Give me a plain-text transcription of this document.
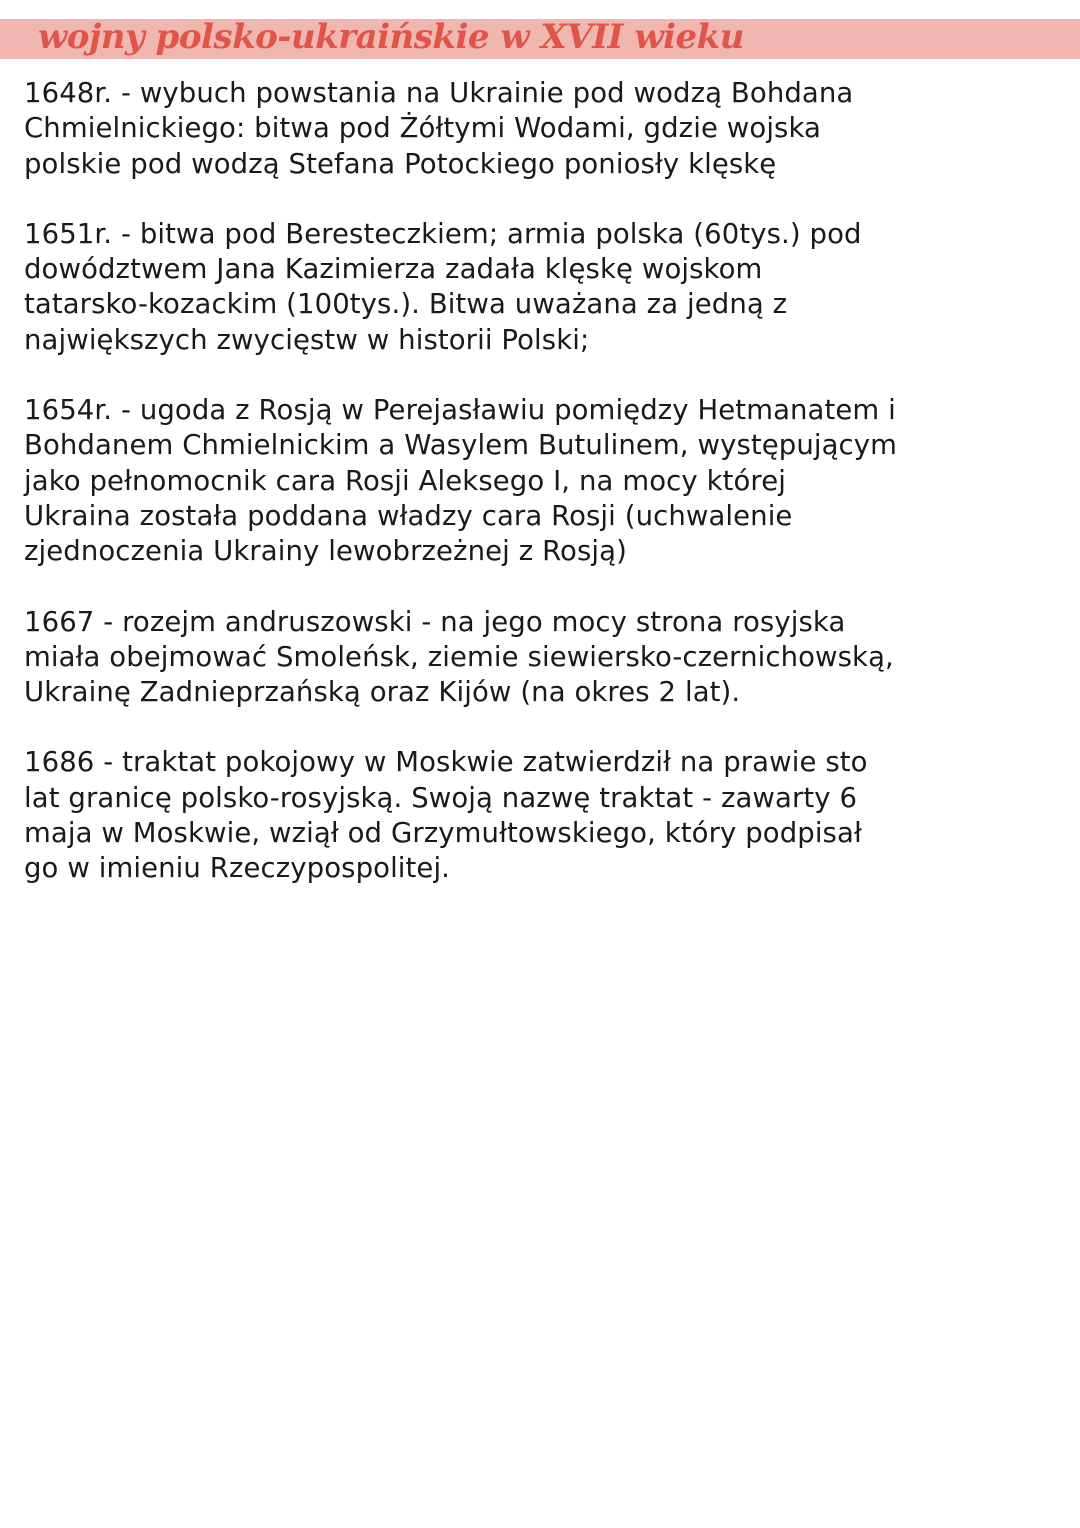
wojny polsko-ukraińskie w XVII wieku

1648r. - wybuch powstania na Ukrainie pod wodzą Bohdana
Chmielnickiego: bitwa pod Żółtymi Wodami, gdzie wojska
polskie pod wodzą Stefana Potockiego poniosły klęskę

1651r. - bitwa pod Beresteczkiem; armia polska (60tys.) pod
dowództwem Jana Kazimierza zadała klęskę wojskom
tatarsko-kozackim (100tys.). Bitwa uważana za jedną z
największych zwycięstw w historii Polski;

1654r. - ugoda z Rosją w Perejasławiu pomiędzy Hetmanatem i
Bohdanem Chmielnickim a Wasylem Butulinem, występującym
jako pełnomocnik cara Rosji Aleksego I, na mocy której
Ukraina została poddana władzy cara Rosji (uchwalenie
zjednoczenia Ukrainy lewobrzeżnej z Rosją)

1667 - rozejm andruszowski - na jego mocy strona rosyjska
miała obejmować Smoleńsk, ziemie siewiersko-czernichowską,
Ukrainę Zadnieprzańską oraz Kijów (na okres 2 lat).

1686 - traktat pokojowy w Moskwie zatwierdził na prawie sto
lat granicę polsko-rosyjską. Swoją nazwę traktat - zawarty 6
maja w Moskwie, wziął od Grzymułtowskiego, który podpisał
go w imieniu Rzeczypospolitej.
